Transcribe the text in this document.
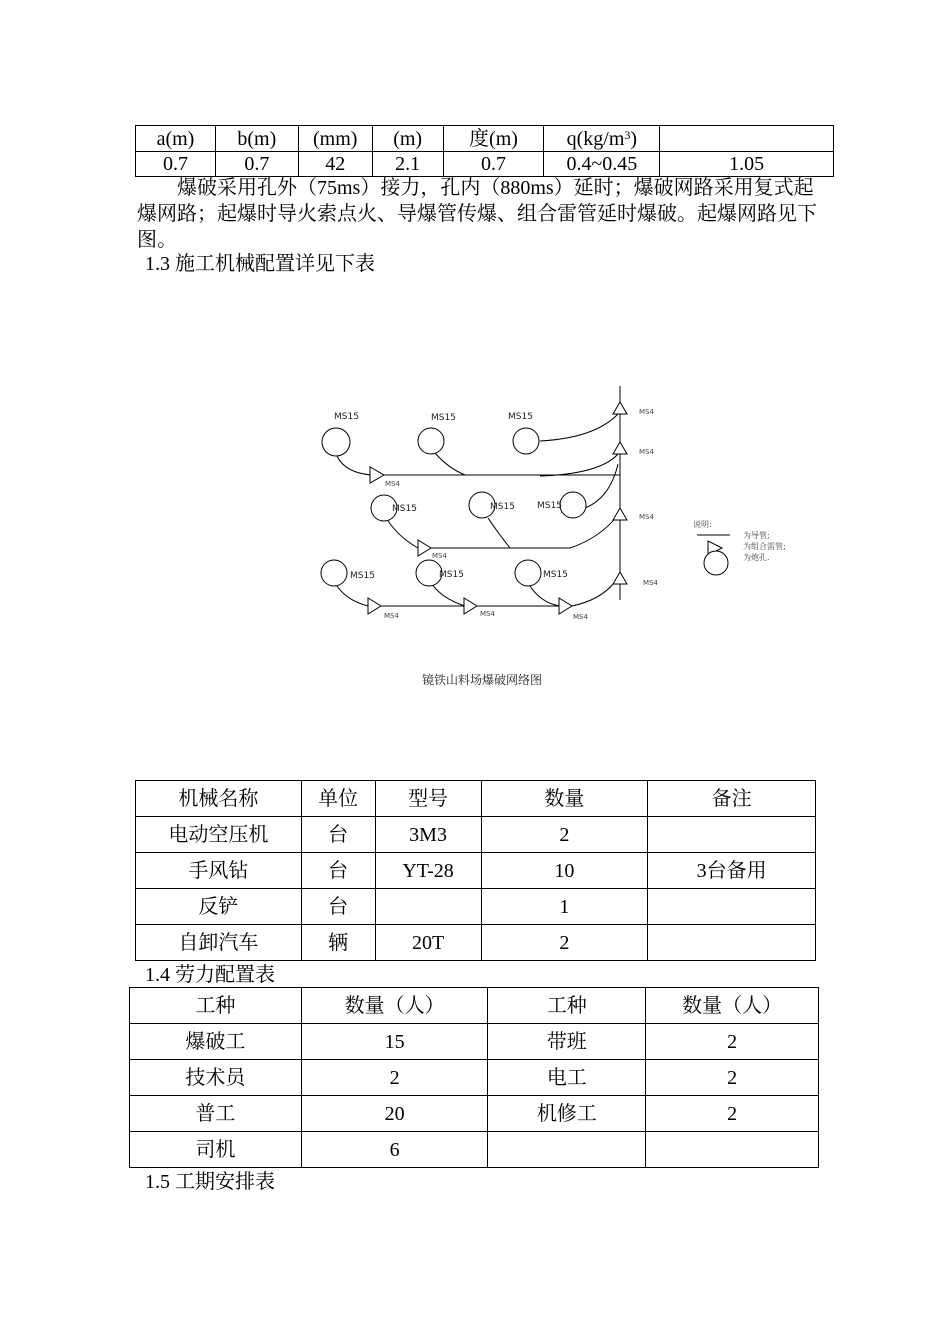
a(m)	b(m)	(mm)	(m)	度(m)	$q(kg/m^3)$	
0.7	0.7	42	2.1	0.7	0.4~0.45	1.05
爆破采用孔外（75ms）接力，孔内（880ms）延时；爆破网路采用复式起爆网路；起爆时导火索点火、导爆管传爆、组合雷管延时爆破。起爆网路见下图。
1.3 施工机械配置详见下表
MS15	MS15	MS15
MS15	MS15 MS15
MS15	MS15	MS15
MS4
MS4
MS4	MS4	MS4
MS4
MS4
MS4
MS4
说明:
为导管;
为组合雷管;
为炮孔.
镜铁山料场爆破网络图
机械名称	单位	型号	数量	备注
电动空压机	台	3M3	2	
手风钻	台	YT-28	10	3台备用
反铲	台		1	
自卸汽车	辆	20T	2	
1.4 劳力配置表
工种	数量（人）	工种	数量（人）
爆破工	15	带班	2
技术员	2	电工	2
普工	20	机修工	2
司机	6		
1.5 工期安排表
